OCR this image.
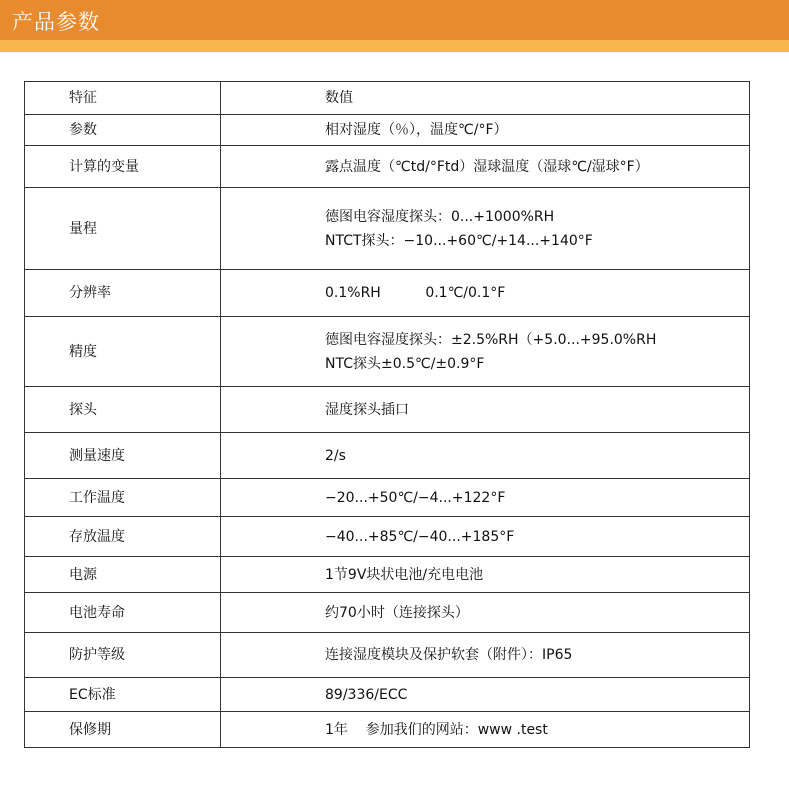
产品参数
特征	数值

参数	相对湿度（％），温度℃/°F）

计算的变量	露点温度（℃td/°Ftd）湿球温度（湿球℃/湿球°F）

量程	德图电容湿度探头：0...+1000%RH
NTCT探头：−10...+60℃/+14...+140°F

分辨率	0.1%RH          0.1℃/0.1°F

精度	德图电容湿度探头：±2.5%RH（+5.0...+95.0%RH
NTC探头±0.5℃/±0.9°F

探头	湿度探头插口

测量速度	2/s

工作温度	−20...+50℃/−4...+122°F

存放温度	−40...+85℃/−40...+185°F

电源	1节9V块状电池/充电电池

电池寿命	约70小时（连接探头）

防护等级	连接湿度模块及保护软套（附件）：IP65

EC标准	89/336/ECC

保修期	1年    参加我们的网站：www .test
